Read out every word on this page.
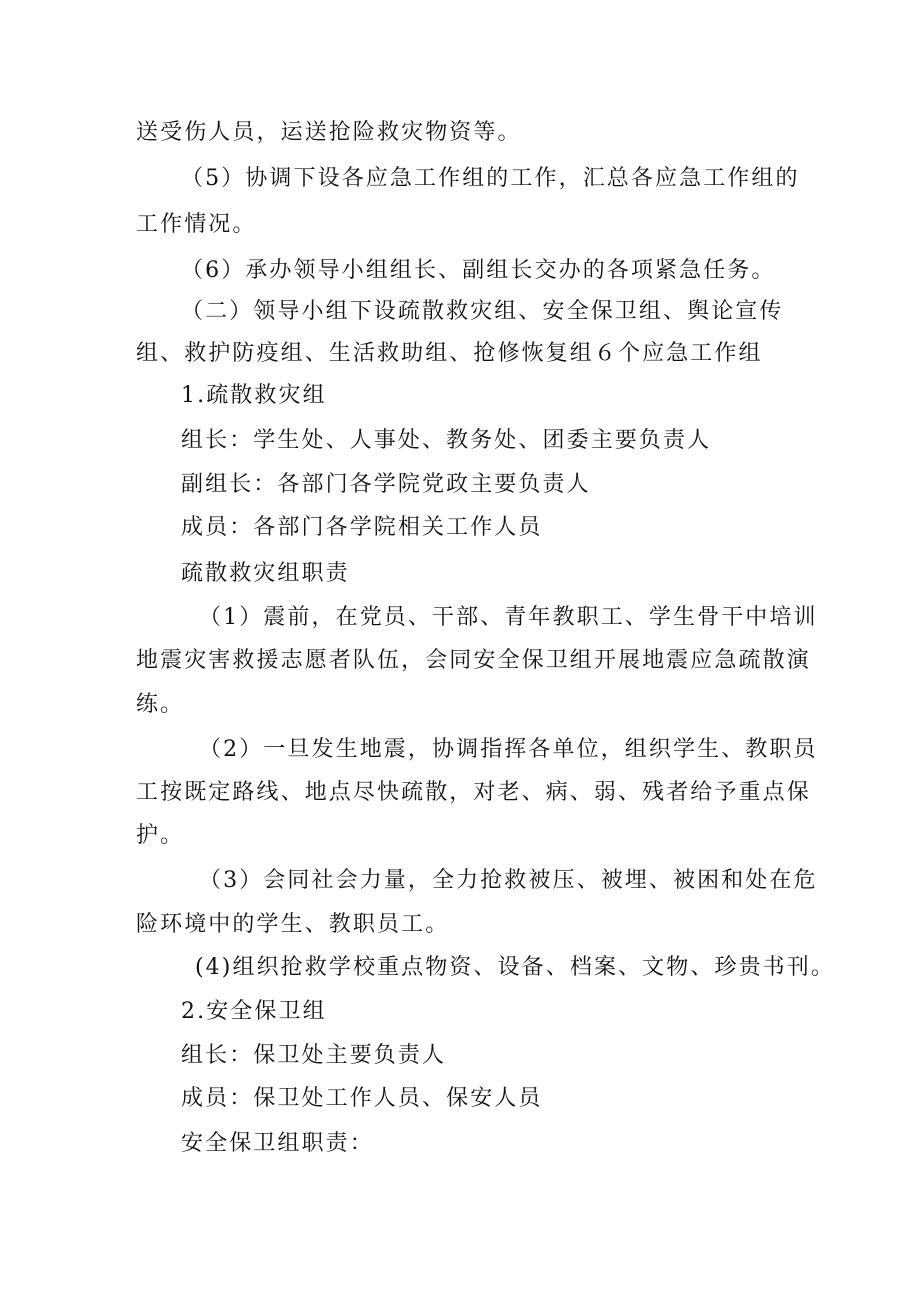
送受伤人员，运送抢险救灾物资等。
（5）协调下设各应急工作组的工作，汇总各应急工作组的
工作情况。
（6）承办领导小组组长、副组长交办的各项紧急任务。
（二）领导小组下设疏散救灾组、安全保卫组、舆论宣传
组、救护防疫组、生活救助组、抢修恢复组６个应急工作组
1.疏散救灾组
组长：学生处、人事处、教务处、团委主要负责人
副组长：各部门各学院党政主要负责人
成员：各部门各学院相关工作人员
疏散救灾组职责
（1）震前，在党员、干部、青年教职工、学生骨干中培训
地震灾害救援志愿者队伍，会同安全保卫组开展地震应急疏散演
练。
（2）一旦发生地震，协调指挥各单位，组织学生、教职员
工按既定路线、地点尽快疏散，对老、病、弱、残者给予重点保
护。
（3）会同社会力量，全力抢救被压、被埋、被困和处在危
险环境中的学生、教职员工。
(4)组织抢救学校重点物资、设备、档案、文物、珍贵书刊。
2.安全保卫组
组长：保卫处主要负责人
成员：保卫处工作人员、保安人员
安全保卫组职责：
